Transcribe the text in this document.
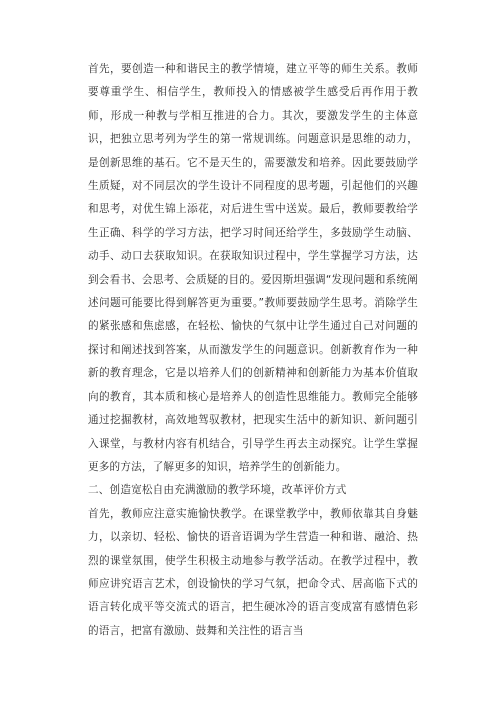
首先，要创造一种和谐民主的教学情境，建立平等的师生关系。教师要尊重学生、相信学生，教师投入的情感被学生感受后再作用于教师，形成一种教与学相互推进的合力。其次，要激发学生的主体意识，把独立思考列为学生的第一常规训练。问题意识是思维的动力，是创新思维的基石。它不是天生的，需要激发和培养。因此要鼓励学生质疑，对不同层次的学生设计不同程度的思考题，引起他们的兴趣和思考，对优生锦上添花，对后进生雪中送炭。最后，教师要教给学生正确、科学的学习方法，把学习时间还给学生，多鼓励学生动脑、动手、动口去获取知识。在获取知识过程中，学生掌握学习方法，达到会看书、会思考、会质疑的目的。爱因斯坦强调“发现问题和系统阐述问题可能要比得到解答更为重要。”教师要鼓励学生思考。消除学生的紧张感和焦虑感，在轻松、愉快的气氛中让学生通过自己对问题的探讨和阐述找到答案，从而激发学生的问题意识。创新教育作为一种新的教育理念，它是以培养人们的创新精神和创新能力为基本价值取向的教育，其本质和核心是培养人的创造性思维能力。教师完全能够通过挖掘教材，高效地驾驭教材，把现实生活中的新知识、新问题引入课堂，与教材内容有机结合，引导学生再去主动探究。让学生掌握更多的方法，了解更多的知识，培养学生的创新能力。

二、创造宽松自由充满激励的教学环境，改革评价方式

首先，教师应注意实施愉快教学。在课堂教学中，教师依靠其自身魅力，以亲切、轻松、愉快的语音语调为学生营造一种和谐、融洽、热烈的课堂氛围，使学生积极主动地参与教学活动。在教学过程中，教师应讲究语言艺术，创设愉快的学习气氛，把命令式、居高临下式的语言转化成平等交流式的语言，把生硬冰冷的语言变成富有感情色彩的语言，把富有激励、鼓舞和关注性的语言当
